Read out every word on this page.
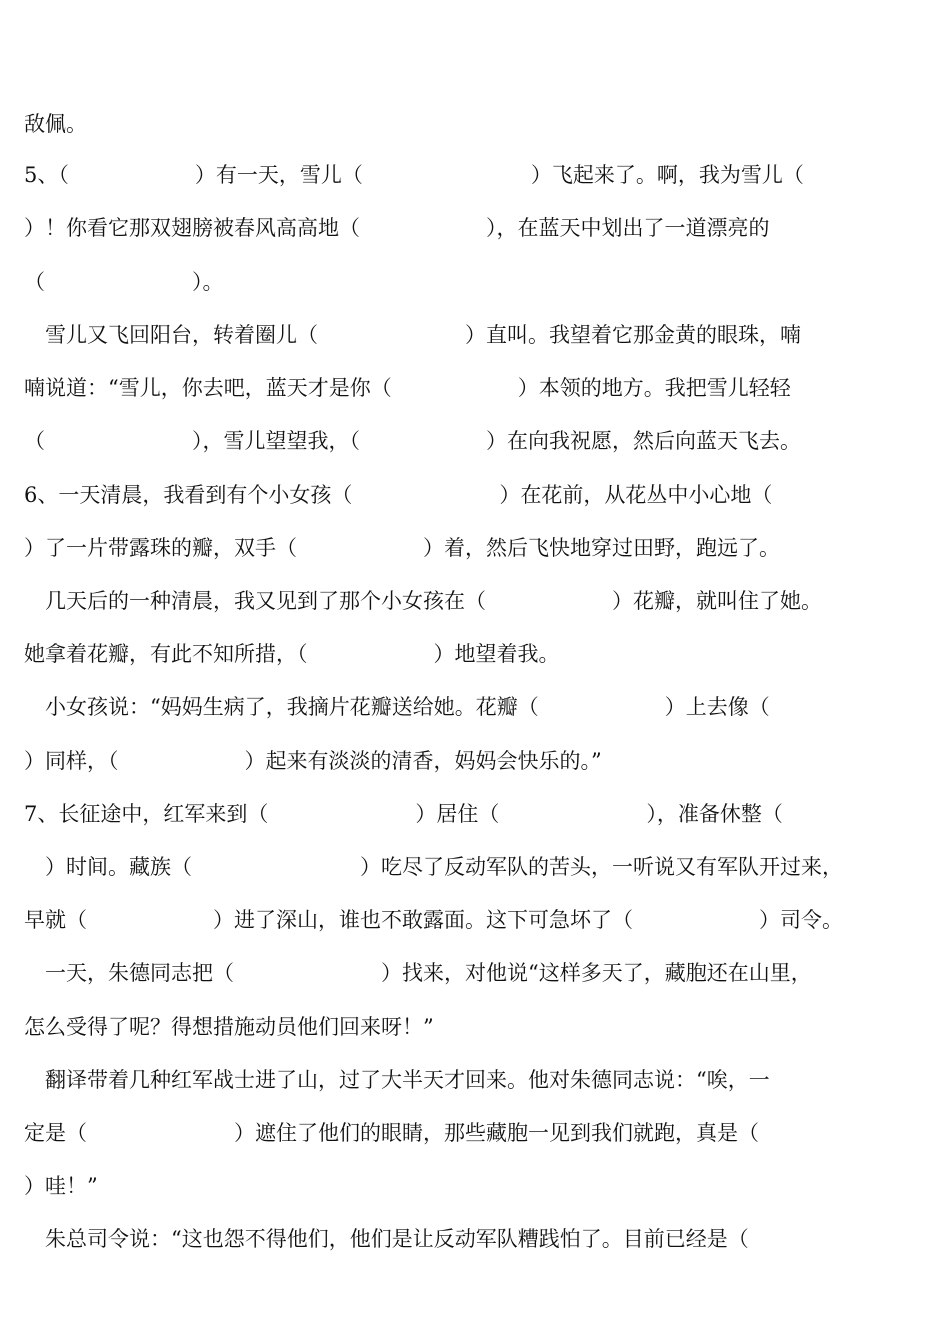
敌佩。
5、（　　　　　　）有一天，雪儿（　　　　　　　　）飞起来了。啊，我为雪儿（
）！你看它那双翅膀被春风高高地（　　　　　　），在蓝天中划出了一道漂亮的
（　　　　　　　）。
　雪儿又飞回阳台，转着圈儿（　　　　　　　）直叫。我望着它那金黄的眼珠，喃
喃说道：“雪儿，你去吧，蓝天才是你（　　　　　　）本领的地方。我把雪儿轻轻
（　　　　　　　），雪儿望望我，（　　　　　　）在向我祝愿，然后向蓝天飞去。
6、一天清晨，我看到有个小女孩（　　　　　　　）在花前，从花丛中小心地（
）了一片带露珠的瓣，双手（　　　　　　）着，然后飞快地穿过田野，跑远了。
　几天后的一种清晨，我又见到了那个小女孩在（　　　　　　）花瓣，就叫住了她。
她拿着花瓣，有此不知所措，（　　　　　　）地望着我。
　小女孩说：“妈妈生病了，我摘片花瓣送给她。花瓣（　　　　　　）上去像（
）同样，（　　　　　　）起来有淡淡的清香，妈妈会快乐的。”
7、长征途中，红军来到（　　　　　　　）居住（　　　　　　　），准备休整（
　）时间。藏族（　　　　　　　　）吃尽了反动军队的苦头，一听说又有军队开过来，
早就（　　　　　　）进了深山，谁也不敢露面。这下可急坏了（　　　　　　）司令。
　一天，朱德同志把（　　　　　　　）找来，对他说“这样多天了，藏胞还在山里，
怎么受得了呢？得想措施动员他们回来呀！”
　翻译带着几种红军战士进了山，过了大半天才回来。他对朱德同志说：“唉，一
定是（　　　　　　　）遮住了他们的眼睛，那些藏胞一见到我们就跑，真是（
）哇！”
　朱总司令说：“这也怨不得他们，他们是让反动军队糟践怕了。目前已经是（
